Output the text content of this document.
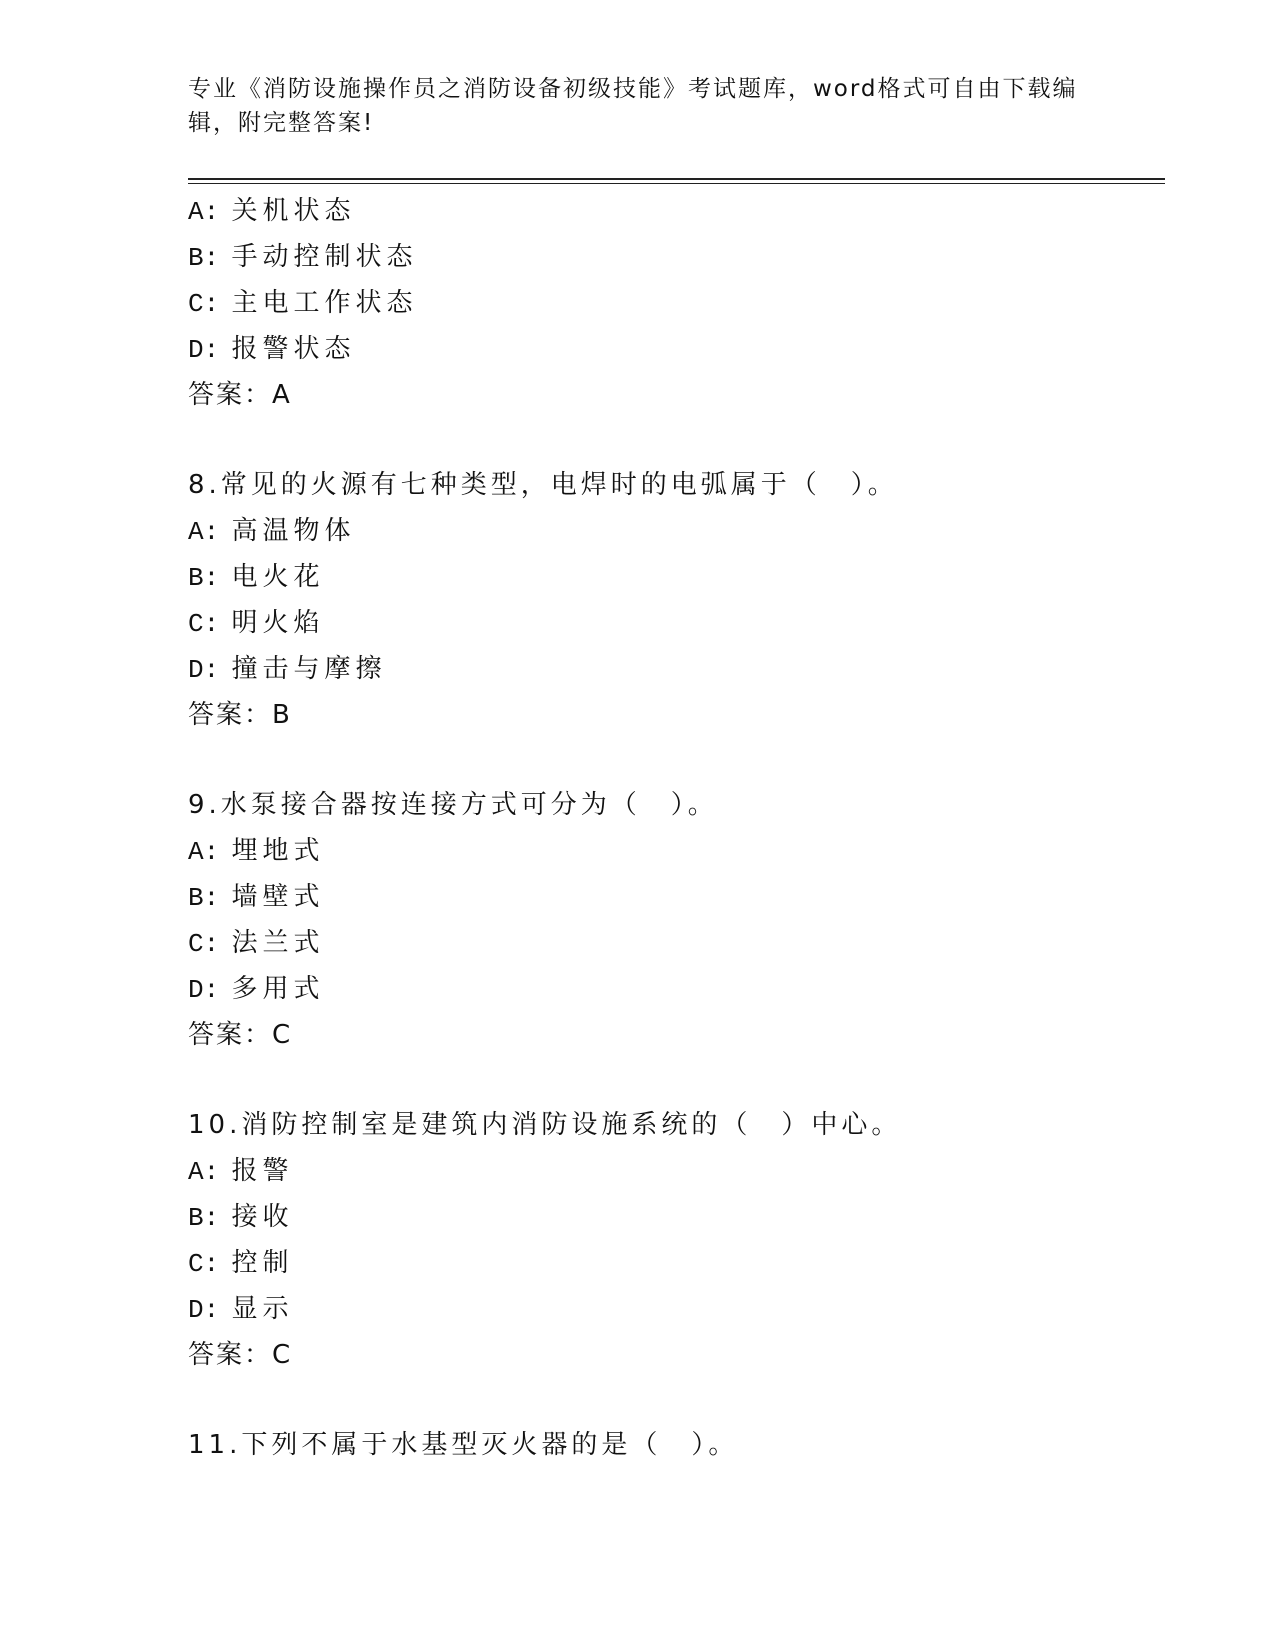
专业《消防设施操作员之消防设备初级技能》考试题库，word格式可自由下载编
辑，附完整答案!
A: 关机状态
B: 手动控制状态
C: 主电工作状态
D: 报警状态
答案：A
8.常见的火源有七种类型，电焊时的电弧属于（　）。
A: 高温物体
B: 电火花
C: 明火焰
D: 撞击与摩擦
答案：B
9.水泵接合器按连接方式可分为（　）。
A: 埋地式
B: 墙壁式
C: 法兰式
D: 多用式
答案：C
10.消防控制室是建筑内消防设施系统的（　）中心。
A: 报警
B: 接收
C: 控制
D: 显示
答案：C
11.下列不属于水基型灭火器的是（　）。
